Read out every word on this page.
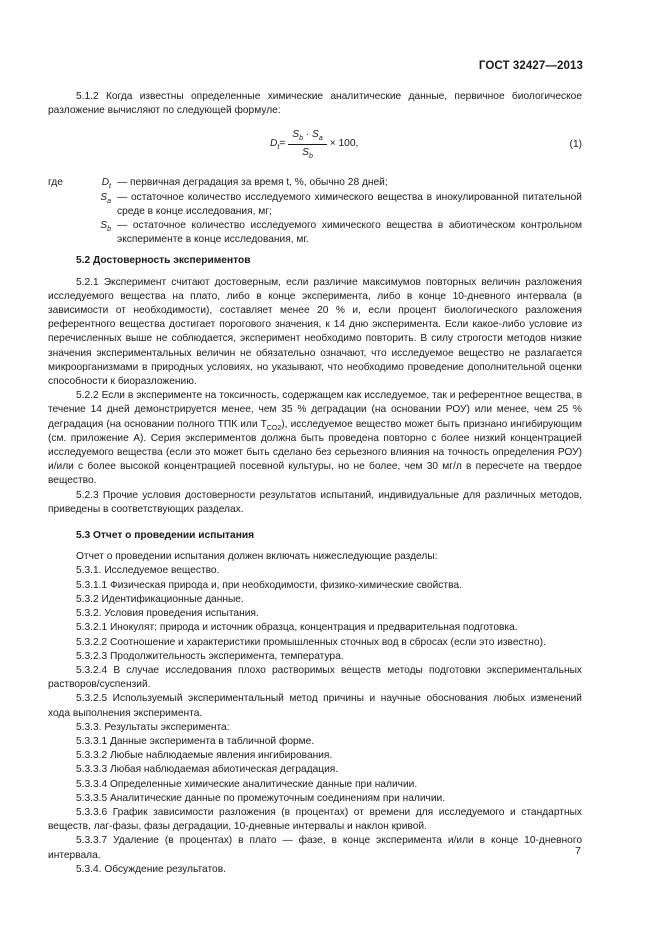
ГОСТ 32427—2013

5.1.2 Когда известны определенные химические аналитические данные, первичное биологическое разложение вычисляют по следующей формуле:

$D_t = \frac{S_b \cdot S_a}{S_b} \times 100$,	(1)
где	$D_t$ — первичная деградация за время t, %, обычно 28 дней;
$S_a$ — остаточное количество исследуемого химического вещества в инокулированной питательной среде в конце исследования, мг;
$S_b$ — остаточное количество исследуемого химического вещества в абиотическом контрольном эксперименте в конце исследования, мг.

5.2 Достоверность экспериментов

5.2.1 Эксперимент считают достоверным, если различие максимумов повторных величин разложения исследуемого вещества на плато, либо в конце эксперимента, либо в конце 10-дневного интервала (в зависимости от необходимости), составляет менее 20 % и, если процент биологического разложения референтного вещества достигает порогового значения, к 14 дню эксперимента. Если какое-либо условие из перечисленных выше не соблюдается, эксперимент необходимо повторить. В силу строгости методов низкие значения экспериментальных величин не обязательно означают, что исследуемое вещество не разлагается микроорганизмами в природных условиях, но указывают, что необходимо проведение дополнительной оценки способности к биоразложению.

5.2.2 Если в эксперименте на токсичность, содержащем как исследуемое, так и референтное вещества, в течение 14 дней демонстрируется менее, чем 35 % деградации (на основании РОУ) или менее, чем 25 % деградация (на основании полного ТПК или $Т_{CO2}$), исследуемое вещество может быть признано ингибирующим (см. приложение А). Серия экспериментов должна быть проведена повторно с более низкий концентрацией исследуемого вещества (если это может быть сделано без серьезного влияния на точность определения РОУ) и/или с более высокой концентрацией посевной культуры, но не более, чем 30 мг/л в пересчете на твердое вещество.

5.2.3 Прочие условия достоверности результатов испытаний, индивидуальные для различных методов, приведены в соответствующих разделах.

5.3 Отчет о проведении испытания

Отчет о проведении испытания должен включать нижеследующие разделы:

5.3.1. Исследуемое вещество.

5.3.1.1 Физическая природа и, при необходимости, физико-химические свойства.

5.3.2 Идентификационные данные.

5.3.2. Условия проведения испытания.

5.3.2.1 Инокулят: природа и источник образца, концентрация и предварительная подготовка.

5.3.2.2 Соотношение и характеристики промышленных сточных вод в сбросах (если это известно).

5.3.2.3 Продолжительность эксперимента, температура.

5.3.2.4 В случае исследования плохо растворимых веществ методы подготовки экспериментальных растворов/суспензий.

5.3.2.5 Используемый экспериментальный метод причины и научные обоснования любых изменений хода выполнения эксперимента.

5.3.3. Результаты эксперимента:

5.3.3.1 Данные эксперимента в табличной форме.

5.3.3.2 Любые наблюдаемые явления ингибирования.

5.3.3.3 Любая наблюдаемая абиотическая деградация.

5.3.3.4 Определенные химические аналитические данные при наличии.

5.3.3.5 Аналитические данные по промежуточным соединениям при наличии.

5.3.3.6 График зависимости разложения (в процентах) от времени для исследуемого и стандартных веществ, лаг-фазы, фазы деградации, 10-дневные интервалы и наклон кривой.

5.3.3.7 Удаление (в процентах) в плато — фазе, в конце эксперимента и/или в конце 10-дневного интервала.

5.3.4. Обсуждение результатов.

7
